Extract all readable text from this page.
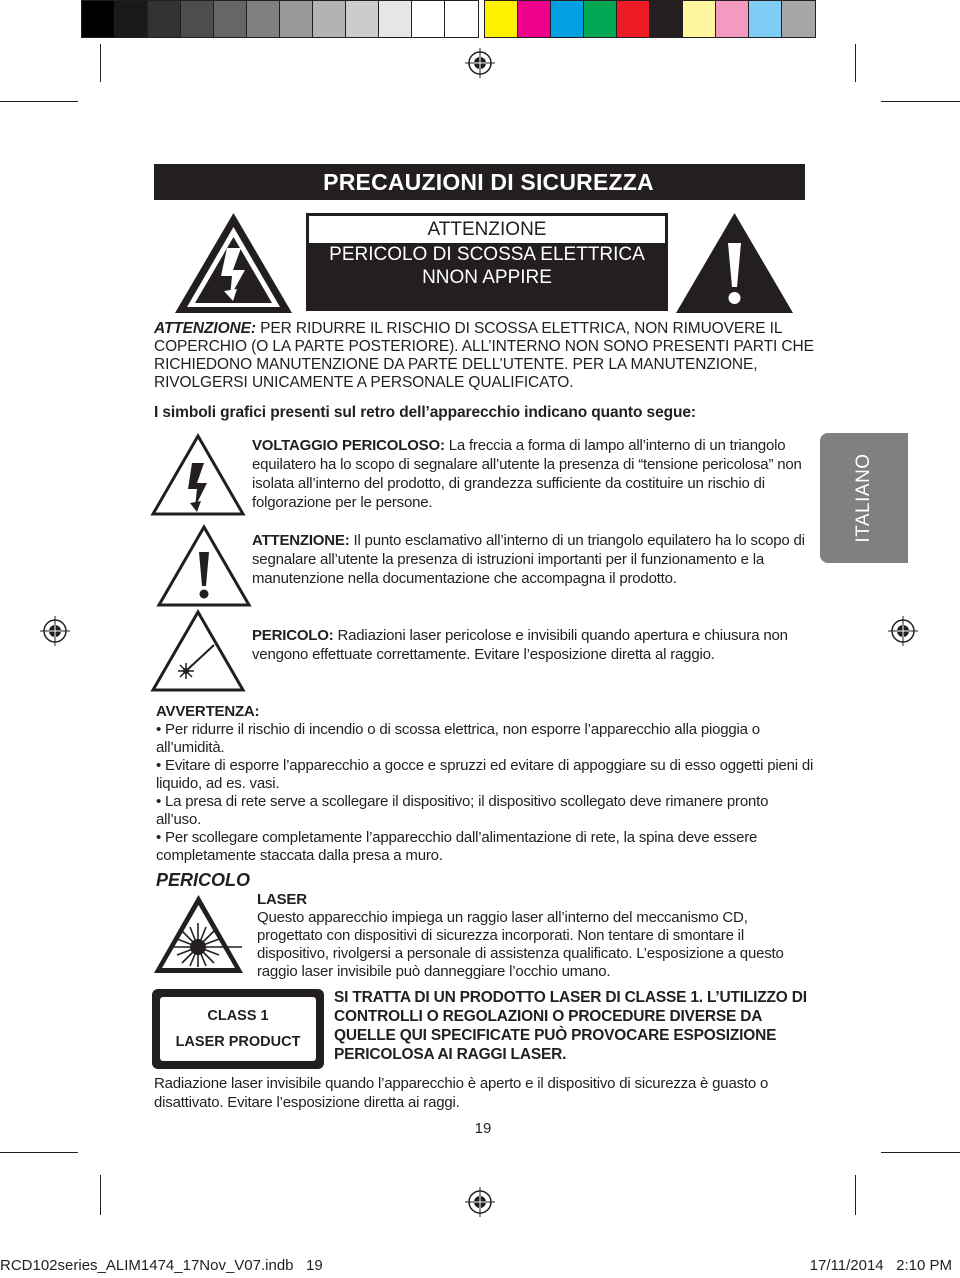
PRECAUZIONI DI SICUREZZA
ATTENZIONE
PERICOLO DI SCOSSA ELETTRICA
NNON APPIRE
ATTENZIONE: PER RIDURRE IL RISCHIO DI SCOSSA ELETTRICA, NON RIMUOVERE IL COPERCHIO (O LA PARTE POSTERIORE). ALL’INTERNO NON SONO PRESENTI PARTI CHE RICHIEDONO MANUTENZIONE DA PARTE DELL’UTENTE. PER LA MANUTENZIONE, RIVOLGERSI UNICAMENTE A PERSONALE QUALIFICATO.
I simboli grafici presenti sul retro dell’apparecchio indicano quanto segue:
VOLTAGGIO PERICOLOSO: La freccia a forma di lampo all’interno di un triangolo equilatero ha lo scopo di segnalare all’utente la presenza di “tensione pericolosa” non isolata all’interno del prodotto, di grandezza sufficiente da costituire un rischio di folgorazione per le persone.
ATTENZIONE: Il punto esclamativo all’interno di un triangolo equilatero ha lo scopo di segnalare all’utente la presenza di istruzioni importanti per il funzionamento e la manutenzione nella documentazione che accompagna il prodotto.
PERICOLO: Radiazioni laser pericolose e invisibili quando apertura e chiusura non vengono effettuate correttamente. Evitare l’esposizione diretta al raggio.
ITALIANO
AVVERTENZA:
• Per ridurre il rischio di incendio o di scossa elettrica, non esporre l’apparecchio alla pioggia o all’umidità.
• Evitare di esporre l’apparecchio a gocce e spruzzi ed evitare di appoggiare su di esso oggetti pieni di liquido, ad es. vasi.
• La presa di rete serve a scollegare il dispositivo; il dispositivo scollegato deve rimanere pronto all’uso.
• Per scollegare completamente l’apparecchio dall’alimentazione di rete, la spina deve essere completamente staccata dalla presa a muro.
PERICOLO
LASER
Questo apparecchio impiega un raggio laser all’interno del meccanismo CD, progettato con dispositivi di sicurezza incorporati. Non tentare di smontare il dispositivo, rivolgersi a personale di assistenza qualificato. L’esposizione a questo raggio laser invisibile può danneggiare l’occhio umano.
CLASS 1
LASER PRODUCT
SI TRATTA DI UN PRODOTTO LASER DI CLASSE 1. L’UTILIZZO DI CONTROLLI O REGOLAZIONI O PROCEDURE DIVERSE DA QUELLE QUI SPECIFICATE PUÒ PROVOCARE ESPOSIZIONE PERICOLOSA AI RAGGI LASER.
Radiazione laser invisibile quando l’apparecchio è aperto e il dispositivo di sicurezza è guasto o disattivato. Evitare l’esposizione diretta ai raggi.
19
RCD102series_ALIM1474_17Nov_V07.indb   19	17/11/2014   2:10 PM
